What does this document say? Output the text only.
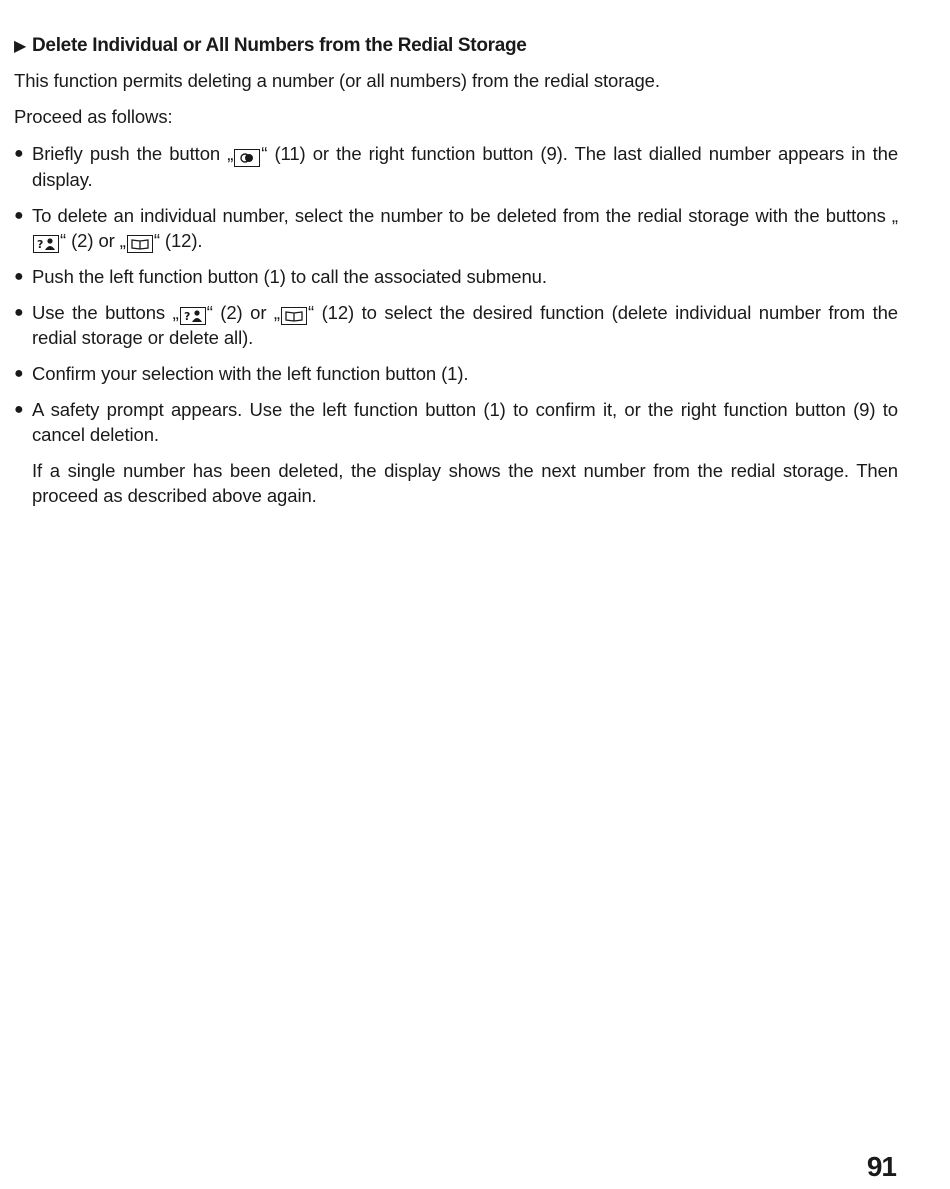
▶ Delete Individual or All Numbers from the Redial Storage
This function permits deleting a number (or all numbers) from the redial storage.
Proceed as follows:
● Briefly push the button „ “ (11) or the right function button (9). The last dialled number appears in the display.
● To delete an individual number, select the number to be deleted from the redial storage with the buttons „
? “ (2) or „ “ (12).
● Push the left function button (1) to call the associated submenu.
● Use the buttons „ ? “ (2) or „ “ (12) to select the desired function (delete individual number from the redial storage or delete all).
● Confirm your selection with the left function button (1).
● A safety prompt appears. Use the left function button (1) to confirm it, or the right function button (9) to cancel deletion.
If a single number has been deleted, the display shows the next number from the redial storage. Then proceed as described above again.
91
